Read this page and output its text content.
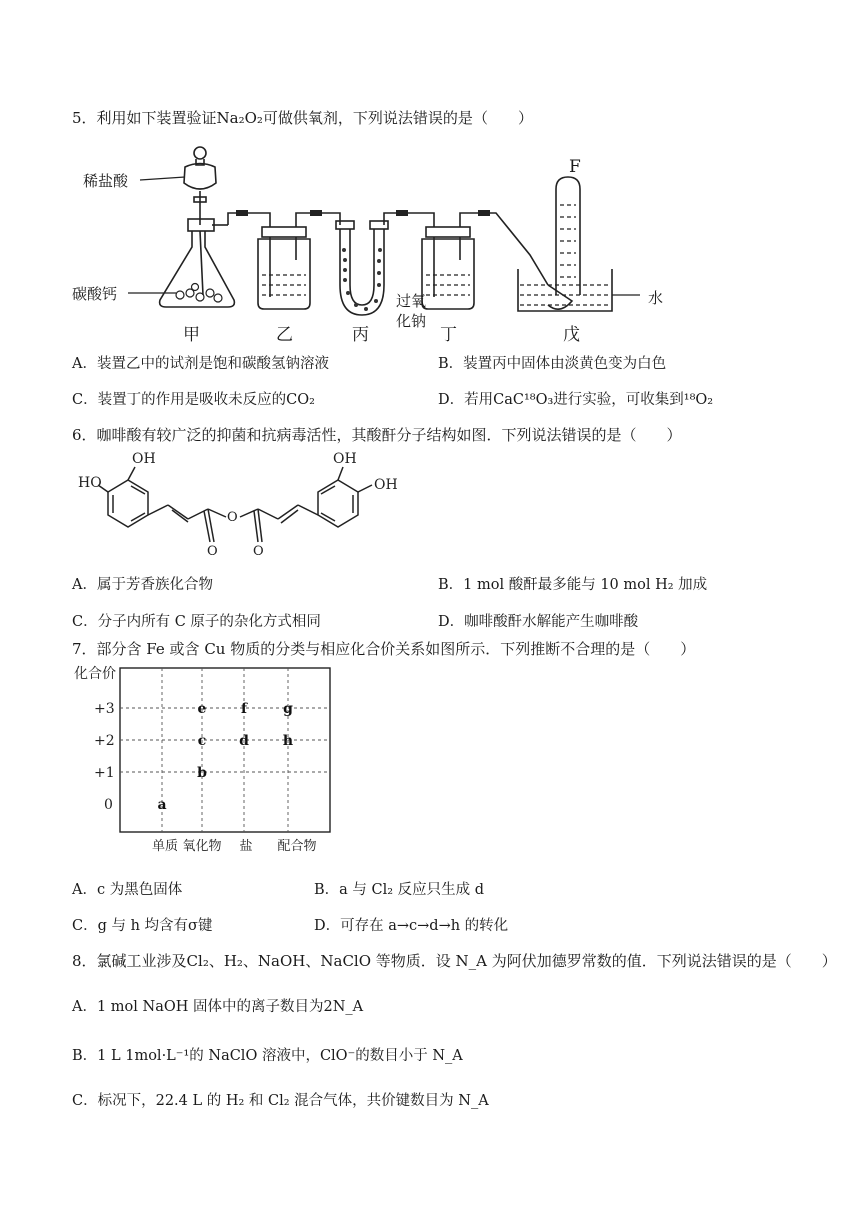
5．利用如下装置验证Na₂O₂可做供氧剂，下列说法错误的是（　　）
稀盐酸
碳酸钙	过氧
化钠
水
F
甲	乙	丙	丁	戊
A．装置乙中的试剂是饱和碳酸氢钠溶液	B．装置丙中固体由淡黄色变为白色
C．装置丁的作用是吸收未反应的CO₂	D．若用CaC¹⁸O₃进行实验，可收集到¹⁸O₂
6．咖啡酸有较广泛的抑菌和抗病毒活性，其酸酐分子结构如图．下列说法错误的是（　　）
OH
HO
O
O	O
OH
OH
A．属于芳香族化合物	B．1 mol 酸酐最多能与 10 mol H₂ 加成
C．分子内所有 C 原子的杂化方式相同	D．咖啡酸酐水解能产生咖啡酸
7．部分含 Fe 或含 Cu 物质的分类与相应化合价关系如图所示．下列推断不合理的是（　　）
化合价
+3
+2
+1
0
单质 氧化物 盐 配合物
a
b
c
e
d
f
h
g
A．c 为黑色固体	B．a 与 Cl₂ 反应只生成 d
C．g 与 h 均含有σ键	D．可存在 a→c→d→h 的转化
8．氯碱工业涉及Cl₂、H₂、NaOH、NaClO 等物质．设 N_A 为阿伏加德罗常数的值．下列说法错误的是（　　）
A．1 mol NaOH 固体中的离子数目为2N_A
B．1 L 1mol·L⁻¹的 NaClO 溶液中，ClO⁻的数目小于 N_A
C．标况下，22.4 L 的 H₂ 和 Cl₂ 混合气体，共价键数目为 N_A
